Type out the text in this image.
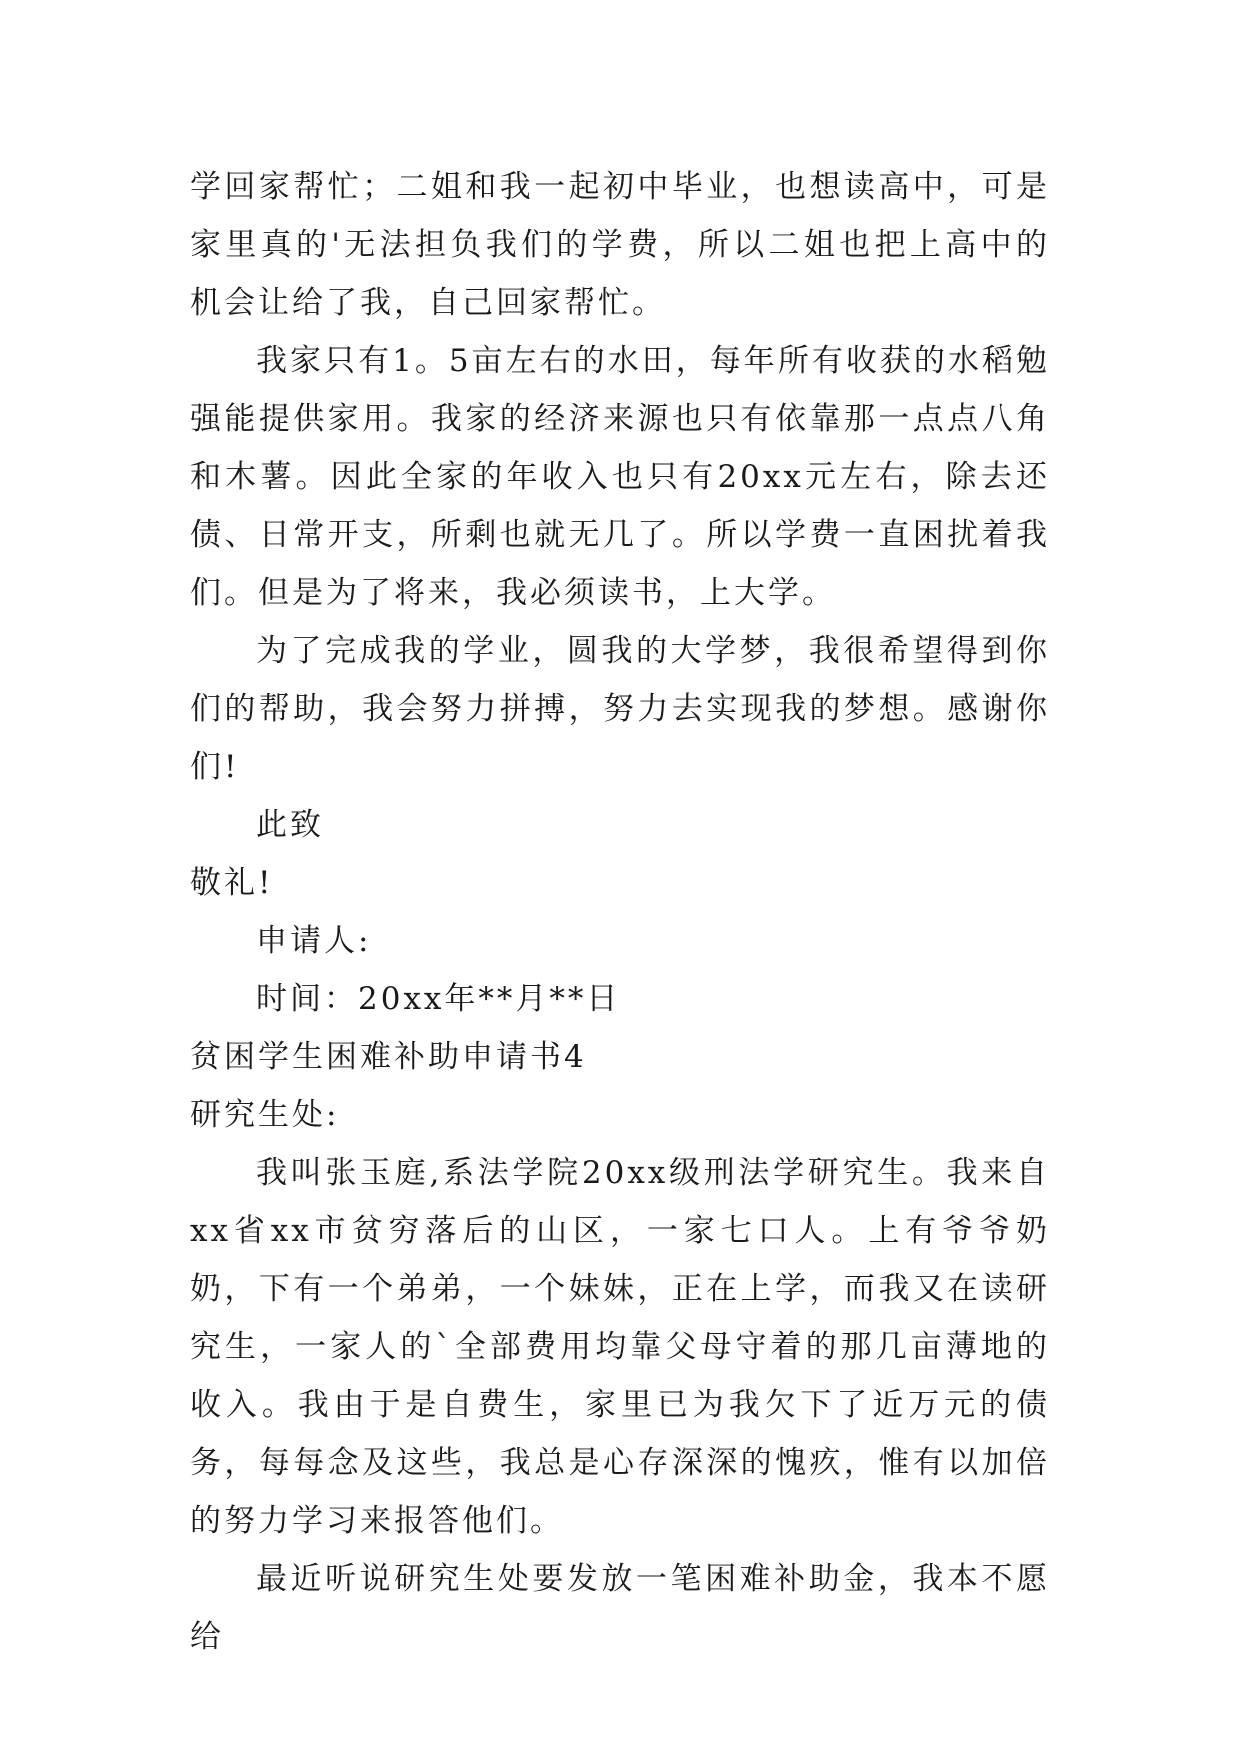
学回家帮忙；二姐和我一起初中毕业，也想读高中，可是家里真的'无法担负我们的学费，所以二姐也把上高中的机会让给了我，自己回家帮忙。

我家只有1。5亩左右的水田，每年所有收获的水稻勉强能提供家用。我家的经济来源也只有依靠那一点点八角和木薯。因此全家的年收入也只有20xx元左右，除去还债、日常开支，所剩也就无几了。所以学费一直困扰着我们。但是为了将来，我必须读书，上大学。

为了完成我的学业，圆我的大学梦，我很希望得到你们的帮助，我会努力拼搏，努力去实现我的梦想。感谢你们!

此致

敬礼!

申请人:

时间：20xx年**月**日

贫困学生困难补助申请书4

研究生处:

我叫张玉庭,系法学院20xx级刑法学研究生。我来自xx省xx市贫穷落后的山区，一家七口人。上有爷爷奶奶，下有一个弟弟，一个妹妹，正在上学，而我又在读研究生，一家人的`全部费用均靠父母守着的那几亩薄地的收入。我由于是自费生，家里已为我欠下了近万元的债务，每每念及这些，我总是心存深深的愧疚，惟有以加倍的努力学习来报答他们。

最近听说研究生处要发放一笔困难补助金，我本不愿给
